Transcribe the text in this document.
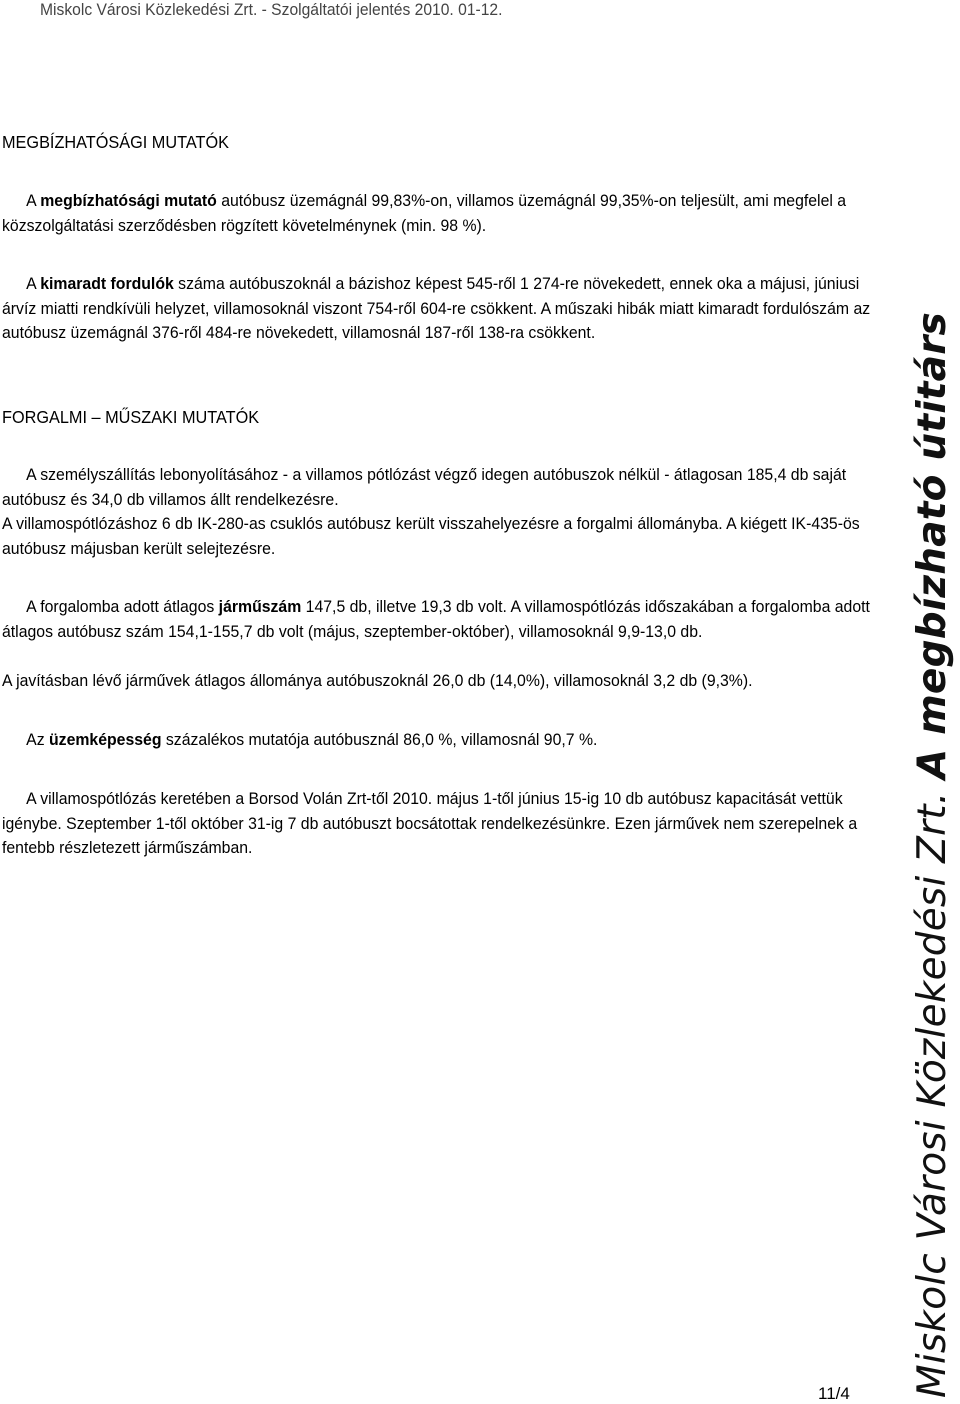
Miskolc Városi Közlekedési Zrt. - Szolgáltatói jelentés 2010. 01-12.
MEGBÍZHATÓSÁGI MUTATÓK
A megbízhatósági mutató autóbusz üzemágnál 99,83%-on, villamos üzemágnál 99,35%-on teljesült, ami megfelel a közszolgáltatási szerződésben rögzített követelménynek (min. 98 %).
A kimaradt fordulók száma autóbuszoknál a bázishoz képest 545-ről 1 274-re növekedett, ennek oka a májusi, júniusi árvíz miatti rendkívüli helyzet, villamosoknál viszont 754-ről 604-re csökkent. A műszaki hibák miatt kimaradt fordulószám az autóbusz üzemágnál 376-ről 484-re növekedett, villamosnál 187-ről 138-ra csökkent.
FORGALMI – MŰSZAKI MUTATÓK
A személyszállítás lebonyolításához - a villamos pótlózást végző idegen autóbuszok nélkül - átlagosan 185,4 db saját autóbusz és 34,0 db villamos állt rendelkezésre.
A villamospótlózáshoz 6 db IK-280-as csuklós autóbusz került visszahelyezésre a forgalmi állományba. A kiégett IK-435-ös autóbusz májusban került selejtezésre.
A forgalomba adott átlagos járműszám 147,5 db, illetve 19,3 db volt. A villamospótlózás időszakában a forgalomba adott átlagos autóbusz szám 154,1-155,7 db volt (május, szeptember-október), villamosoknál 9,9-13,0 db.
A javításban lévő járművek átlagos állománya autóbuszoknál 26,0 db (14,0%), villamosoknál 3,2 db (9,3%).
Az üzemképesség százalékos mutatója autóbusznál 86,0 %, villamosnál 90,7 %.
A villamospótlózás keretében a Borsod Volán Zrt-től 2010. május 1-től június 15-ig 10 db autóbusz kapacitását vettük igénybe. Szeptember 1-től október 31-ig 7 db autóbuszt bocsátottak rendelkezésünkre. Ezen járművek nem szerepelnek a fentebb részletezett járműszámban.	Miskolc Városi Közlekedési Zrt. A megbízható útitárs
11/4
